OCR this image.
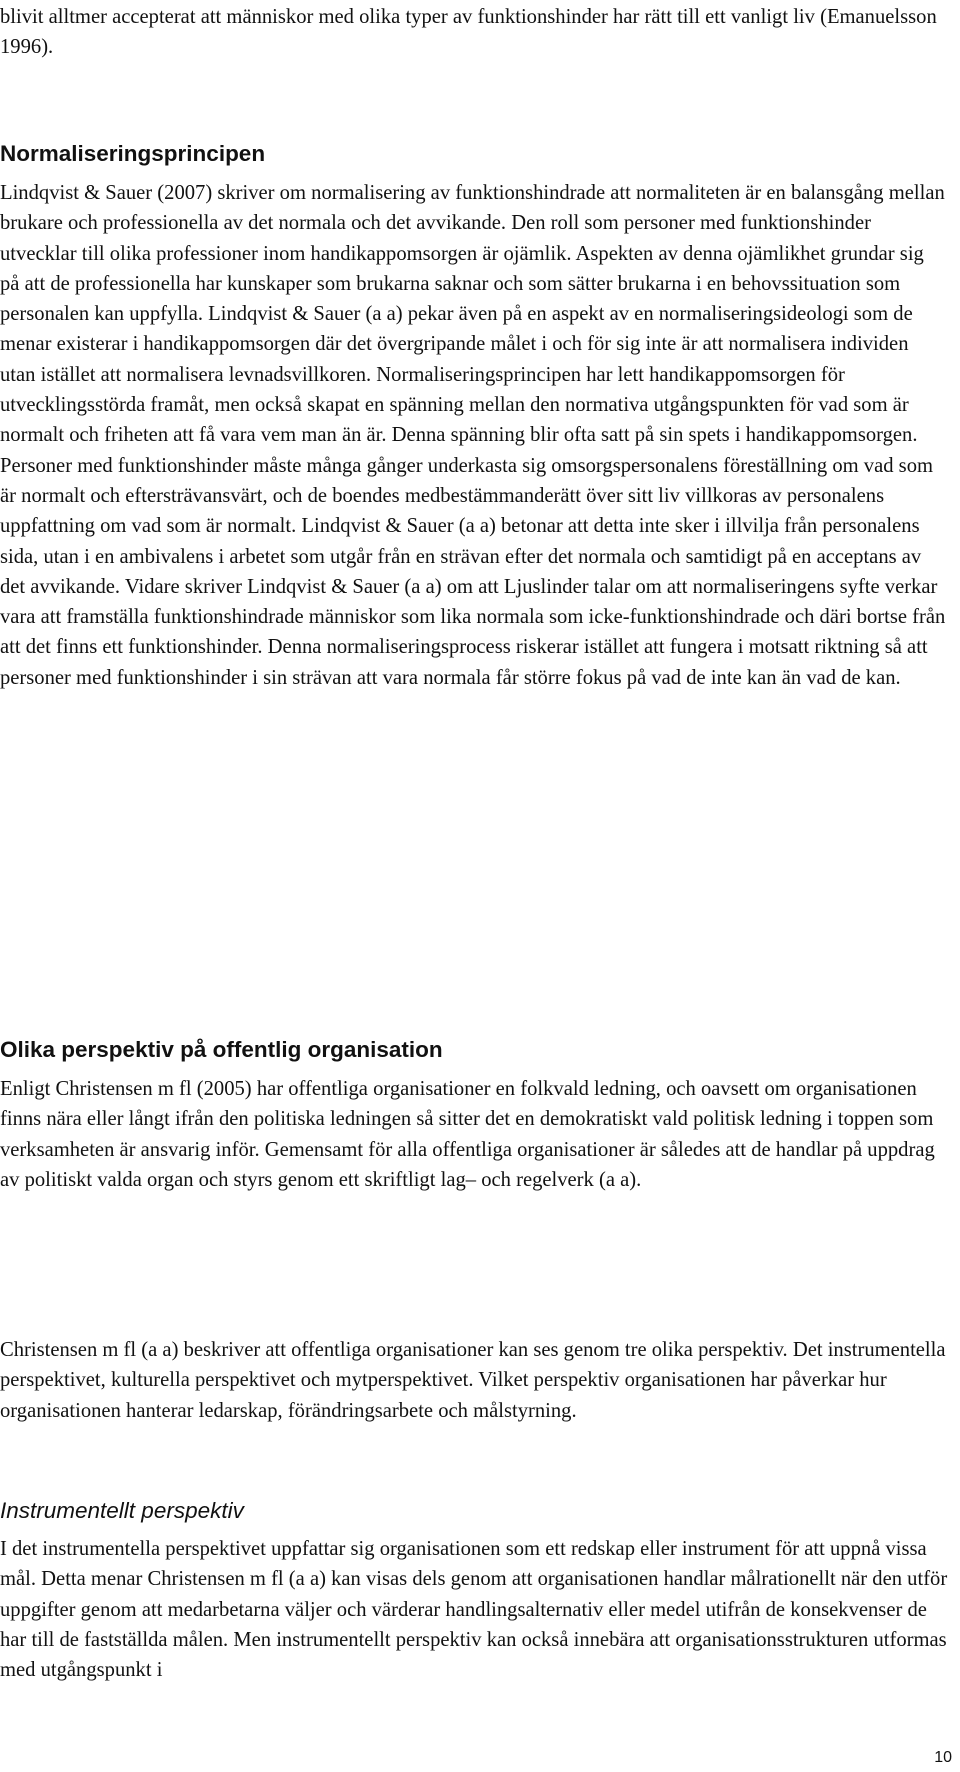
blivit alltmer accepterat att människor med olika typer av funktionshinder har rätt till ett vanligt liv (Emanuelsson 1996).

Normaliseringsprincipen

Lindqvist & Sauer (2007) skriver om normalisering av funktionshindrade att normaliteten är en balansgång mellan brukare och professionella av det normala och det avvikande. Den roll som personer med funktionshinder utvecklar till olika professioner inom handikappomsorgen är ojämlik. Aspekten av denna ojämlikhet grundar sig på att de professionella har kunskaper som brukarna saknar och som sätter brukarna i en behovssituation som personalen kan uppfylla. Lindqvist & Sauer (a a) pekar även på en aspekt av en normaliseringsideologi som de menar existerar i handikappomsorgen där det övergripande målet i och för sig inte är att normalisera individen utan istället att normalisera levnadsvillkoren. Normaliseringsprincipen har lett handikappomsorgen för utvecklingsstörda framåt, men också skapat en spänning mellan den normativa utgångspunkten för vad som är normalt och friheten att få vara vem man än är. Denna spänning blir ofta satt på sin spets i handikappomsorgen. Personer med funktionshinder måste många gånger underkasta sig omsorgspersonalens föreställning om vad som är normalt och eftersträvansvärt, och de boendes medbestämmanderätt över sitt liv villkoras av personalens uppfattning om vad som är normalt. Lindqvist & Sauer (a a) betonar att detta inte sker i illvilja från personalens sida, utan i en ambivalens i arbetet som utgår från en strävan efter det normala och samtidigt på en acceptans av det avvikande. Vidare skriver Lindqvist & Sauer (a a) om att Ljuslinder talar om att normaliseringens syfte verkar vara att framställa funktionshindrade människor som lika normala som icke-funktionshindrade och däri bortse från att det finns ett funktionshinder. Denna normaliseringsprocess riskerar istället att fungera i motsatt riktning så att personer med funktionshinder i sin strävan att vara normala får större fokus på vad de inte kan än vad de kan.

Olika perspektiv på offentlig organisation

Enligt Christensen m fl (2005) har offentliga organisationer en folkvald ledning, och oavsett om organisationen finns nära eller långt ifrån den politiska ledningen så sitter det en demokratiskt vald politisk ledning i toppen som verksamheten är ansvarig inför. Gemensamt för alla offentliga organisationer är således att de handlar på uppdrag av politiskt valda organ och styrs genom ett skriftligt lag– och regelverk (a a).

Christensen m fl (a a) beskriver att offentliga organisationer kan ses genom tre olika perspektiv. Det instrumentella perspektivet, kulturella perspektivet och mytperspektivet. Vilket perspektiv organisationen har påverkar hur organisationen hanterar ledarskap, förändringsarbete och målstyrning.

Instrumentellt perspektiv

I det instrumentella perspektivet uppfattar sig organisationen som ett redskap eller instrument för att uppnå vissa mål. Detta menar Christensen m fl (a a) kan visas dels genom att organisationen handlar målrationellt när den utför uppgifter genom att medarbetarna väljer och värderar handlingsalternativ eller medel utifrån de konsekvenser de har till de fastställda målen. Men instrumentellt perspektiv kan också innebära att organisationsstrukturen utformas med utgångspunkt i

10
